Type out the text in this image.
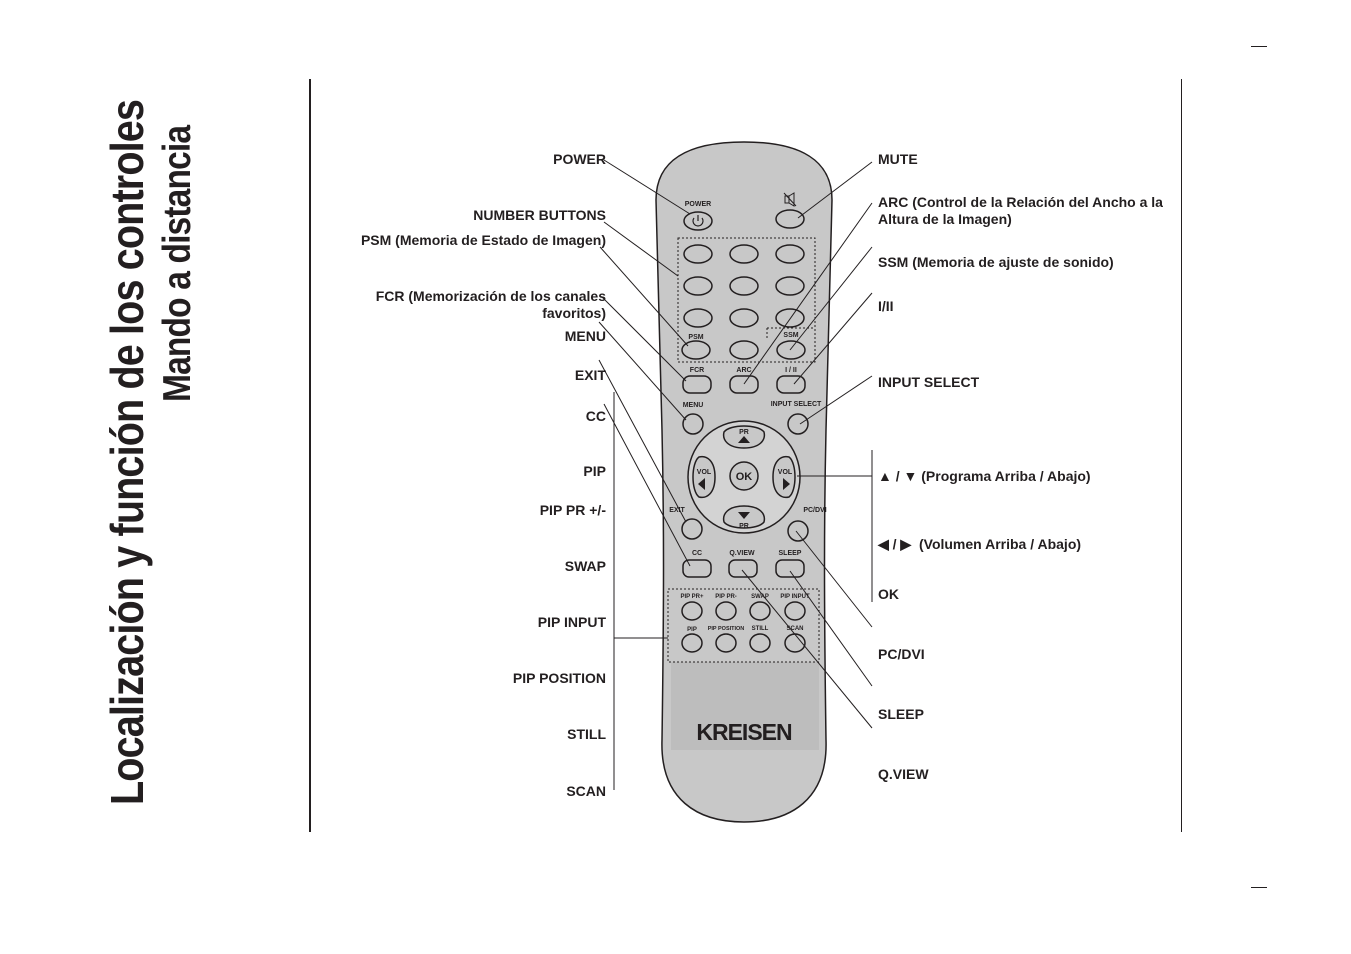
Localización y función de los controles Mando a distancia	POWER
PSM	SSM
FCR	ARC	I / II
MENU	INPUT SELECT
PR
PR
VOL	VOL
OK
EXIT	PC/DVI
CC	Q.VIEW	SLEEP
PIP PR+ PIP PR- SWAP PIP INPUT
PIP PIP POSITION STILL	SCAN
KREISEN
POWER
NUMBER BUTTONS
PSM (Memoria de Estado de Imagen)
FCR (Memorización de los canales
favoritos)
MENU
EXIT
CC
PIP
PIP PR +/-
SWAP
PIP INPUT
PIP POSITION
STILL
SCAN
MUTE
ARC (Control de la Relación del Ancho a la
Altura de la Imagen)
SSM (Memoria de ajuste de sonido)
I/II
INPUT SELECT
▲ / ▼ (Programa Arriba / Abajo)
◀ / ▶  (Volumen Arriba / Abajo)
OK
PC/DVI
SLEEP
Q.VIEW
